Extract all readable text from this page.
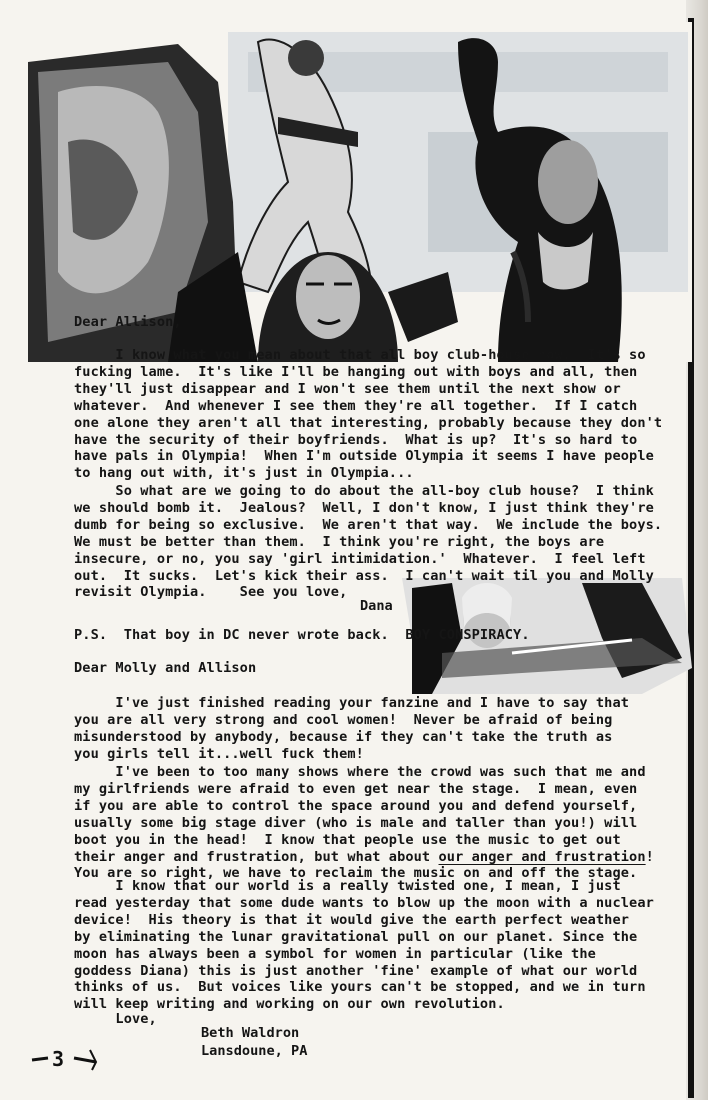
Dear Allison,
I know what you mean about that all boy club-house now.  It's so
fucking lame.  It's like I'll be hanging out with boys and all, then
they'll just disappear and I won't see them until the next show or
whatever.  And whenever I see them they're all together.  If I catch
one alone they aren't all that interesting, probably because they don't
have the security of their boyfriends.  What is up?  It's so hard to
have pals in Olympia!  When I'm outside Olympia it seems I have people
to hang out with, it's just in Olympia...
So what are we going to do about the all-boy club house?  I think
we should bomb it.  Jealous?  Well, I don't know, I just think they're
dumb for being so exclusive.  We aren't that way.  We include the boys.
We must be better than them.  I think you're right, the boys are
insecure, or no, you say 'girl intimidation.'  Whatever.  I feel left
out.  It sucks.  Let's kick their ass.  I can't wait til you and Molly
revisit Olympia.    See you love,
Dana
P.S.  That boy in DC never wrote back.  BOY CONSPIRACY.
Dear Molly and Allison
I've just finished reading your fanzine and I have to say that
you are all very strong and cool women!  Never be afraid of being
misunderstood by anybody, because if they can't take the truth as
you girls tell it...well fuck them!
I've been to too many shows where the crowd was such that me and
my girlfriends were afraid to even get near the stage.  I mean, even
if you are able to control the space around you and defend yourself,
usually some big stage diver (who is male and taller than you!) will
boot you in the head!  I know that people use the music to get out
their anger and frustration, but what about our anger and frustration!
You are so right, we have to reclaim the music on and off the stage.
I know that our world is a really twisted one, I mean, I just
read yesterday that some dude wants to blow up the moon with a nuclear
device!  His theory is that it would give the earth perfect weather
by eliminating the lunar gravitational pull on our planet. Since the
moon has always been a symbol for women in particular (like the
goddess Diana) this is just another 'fine' example of what our world
thinks of us.  But voices like yours can't be stopped, and we in turn
will keep writing and working on our own revolution.
Love,
Beth Waldron
Lansdoune, PA
3
